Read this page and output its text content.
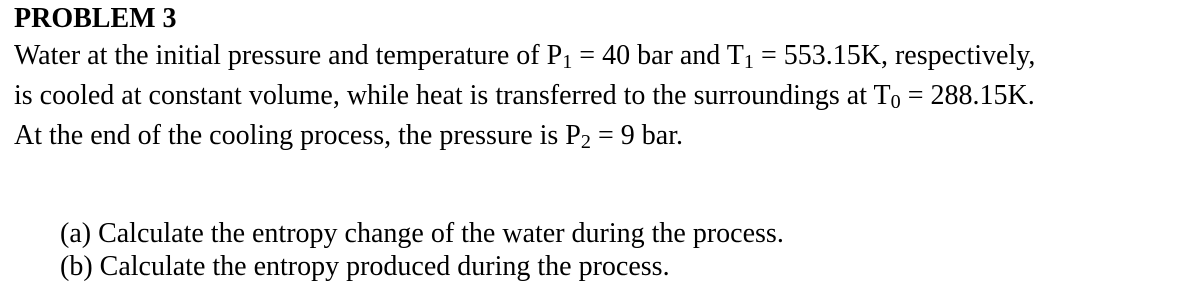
PROBLEM 3
Water at the initial pressure and temperature of P1 = 40 bar and T1 = 553.15K, respectively,
is cooled at constant volume, while heat is transferred to the surroundings at T0 = 288.15K.
At the end of the cooling process, the pressure is P2 = 9 bar.
(a) Calculate the entropy change of the water during the process.
(b) Calculate the entropy produced during the process.
